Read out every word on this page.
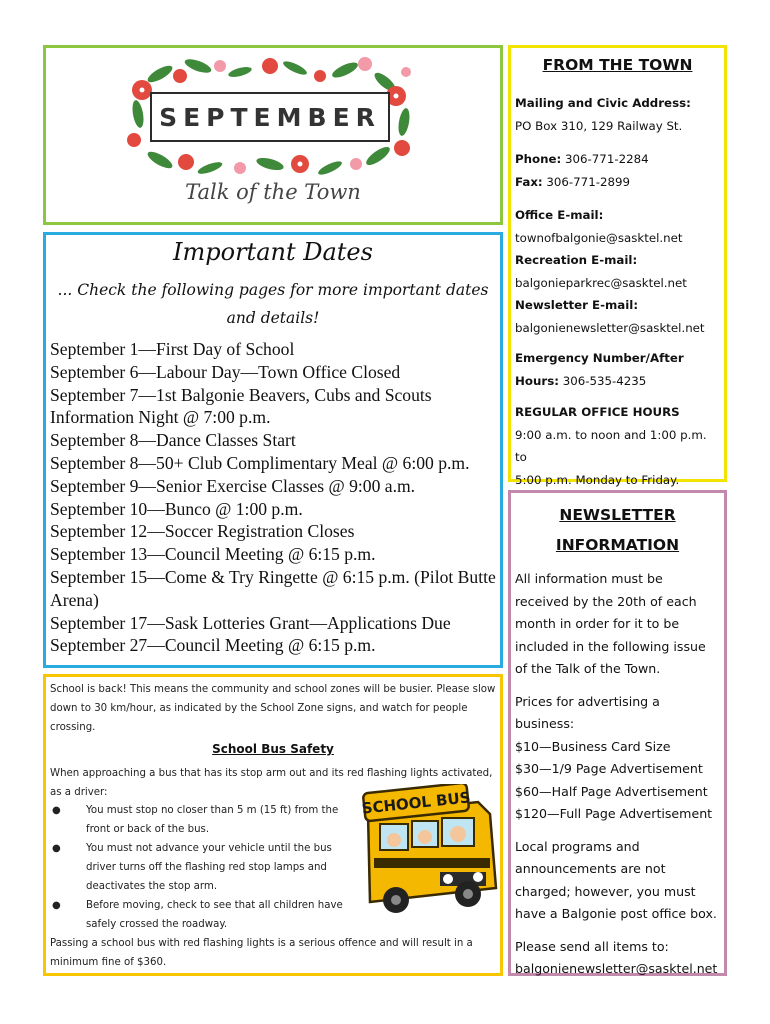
SEPTEMBER
Talk of the Town
Important Dates
... Check the following pages for more important dates and details!
September 1—First Day of School
September 6—Labour Day—Town Office Closed
September 7—1st Balgonie Beavers, Cubs and Scouts Information Night @ 7:00 p.m.
September 8—Dance Classes Start
September 8—50+ Club Complimentary Meal @ 6:00 p.m.
September 9—Senior Exercise Classes @ 9:00 a.m.
September 10—Bunco @ 1:00 p.m.
September 12—Soccer Registration Closes
September 13—Council Meeting @ 6:15 p.m.
September 15—Come & Try Ringette @ 6:15 p.m. (Pilot Butte Arena)
September 17—Sask Lotteries Grant—Applications Due
September 27—Council Meeting @ 6:15 p.m.
School is back! This means the community and school zones will be busier. Please slow down to 30 km/hour, as indicated by the School Zone signs, and watch for people crossing.
School Bus Safety
When approaching a bus that has its stop arm out and its red flashing lights activated, as a driver:
● You must stop no closer than 5 m (15 ft) from the front or back of the bus.
● You must not advance your vehicle until the bus driver turns off the flashing red stop lamps and deactivates the stop arm.
● Before moving, check to see that all children have safely crossed the roadway.
Passing a school bus with red flashing lights is a serious offence and will result in a minimum fine of $360.
SCHOOL BUS
FROM THE TOWN
Mailing and Civic Address:
PO Box 310, 129 Railway St.
Phone: 306-771-2284
Fax: 306-771-2899
Office E-mail:
townofbalgonie@sasktel.net
Recreation E-mail:
balgonieparkrec@sasktel.net
Newsletter E-mail:
balgonienewsletter@sasktel.net
Emergency Number/After
Hours: 306-535-4235
REGULAR OFFICE HOURS
9:00 a.m. to noon and 1:00 p.m. to
5:00 p.m. Monday to Friday.
NEWSLETTER
INFORMATION
All information must be received by the 20th of each month in order for it to be included in the following issue of the Talk of the Town.
Prices for advertising a business:
$10—Business Card Size
$30—1/9 Page Advertisement
$60—Half Page Advertisement
$120—Full Page Advertisement
Local programs and announcements are not charged; however, you must have a Balgonie post office box.
Please send all items to:
balgonienewsletter@sasktel.net
